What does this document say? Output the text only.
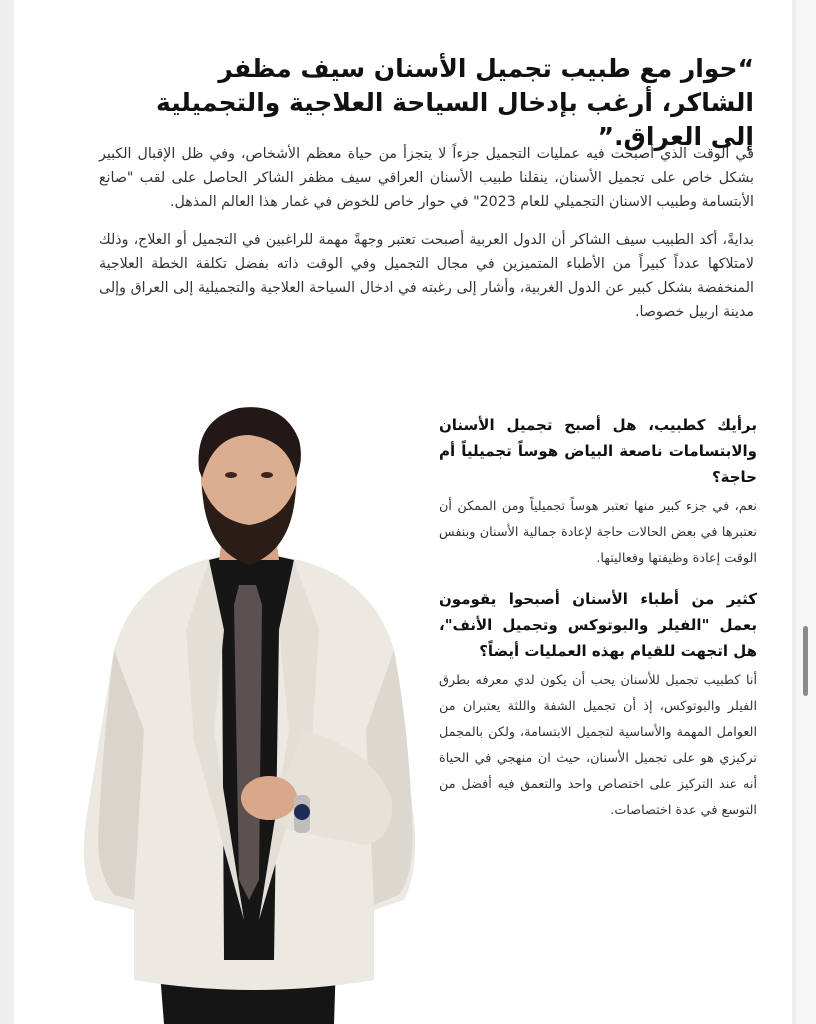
“حوار مع طبيب تجميل الأسنان سيف مظفر الشاكر، أرغب بإدخال السياحة العلاجية والتجميلية إلى العراق.”

في الوقت الذي أصبحت فيه عمليات التجميل جزءاً لا يتجزأ من حياة معظم الأشخاص، وفي ظل الإقبال الكبير بشكل خاص على تجميل الأسنان، ينقلنا طبيب الأسنان العراقي سيف مظفر الشاكر الحاصل على لقب "صانع الأبتسامة وطبيب الاسنان التجميلي للعام 2023" في حوار خاص للخوض في غمار هذا العالم المذهل.

بدايةً، أكد الطبيب سيف الشاكر أن الدول العربية أصبحت تعتبر وجهةً مهمة للراغبين في التجميل أو العلاج، وذلك لامتلاكها عدداً كبيراً من الأطباء المتميزين في مجال التجميل وفي الوقت ذاته بفضل تكلفة الخطة العلاجية المنخفضة بشكل كبير عن الدول الغربية، وأشار إلى رغبته في ادخال السياحة العلاجية والتجميلية إلى العراق وإلى مدينة اربيل خصوصا.

برأيك كطبيب، هل أصبح تجميل الأسنان والابتسامات ناصعة البياض هوساً تجميلياً أم حاجة؟

نعم، في جزء كبير منها تعتبر هوساً تجميلياً ومن الممكن أن نعتبرها في بعض الحالات حاجة لإعادة جمالية الأسنان وبنفس الوقت إعادة وظيفتها وفعاليتها.

كثير من أطباء الأسنان أصبحوا يقومون بعمل "الفيلر والبوتوكس وتجميل الأنف"، هل اتجهت للقيام بهذه العمليات أيضاً؟

أنا كطبيب تجميل للأسنان يحب أن يكون لدي معرفه بطرق الفيلر والبوتوكس، إذ أن تجميل الشفة واللثة يعتبران من العوامل المهمة والأساسية لتجميل الابتسامة، ولكن بالمجمل تركيزي هو على تجميل الأسنان، حيث ان منهجي في الحياة أنه عند التركيز على اختصاص واحد والتعمق فيه أفضل من التوسع في عدة اختصاصات.
